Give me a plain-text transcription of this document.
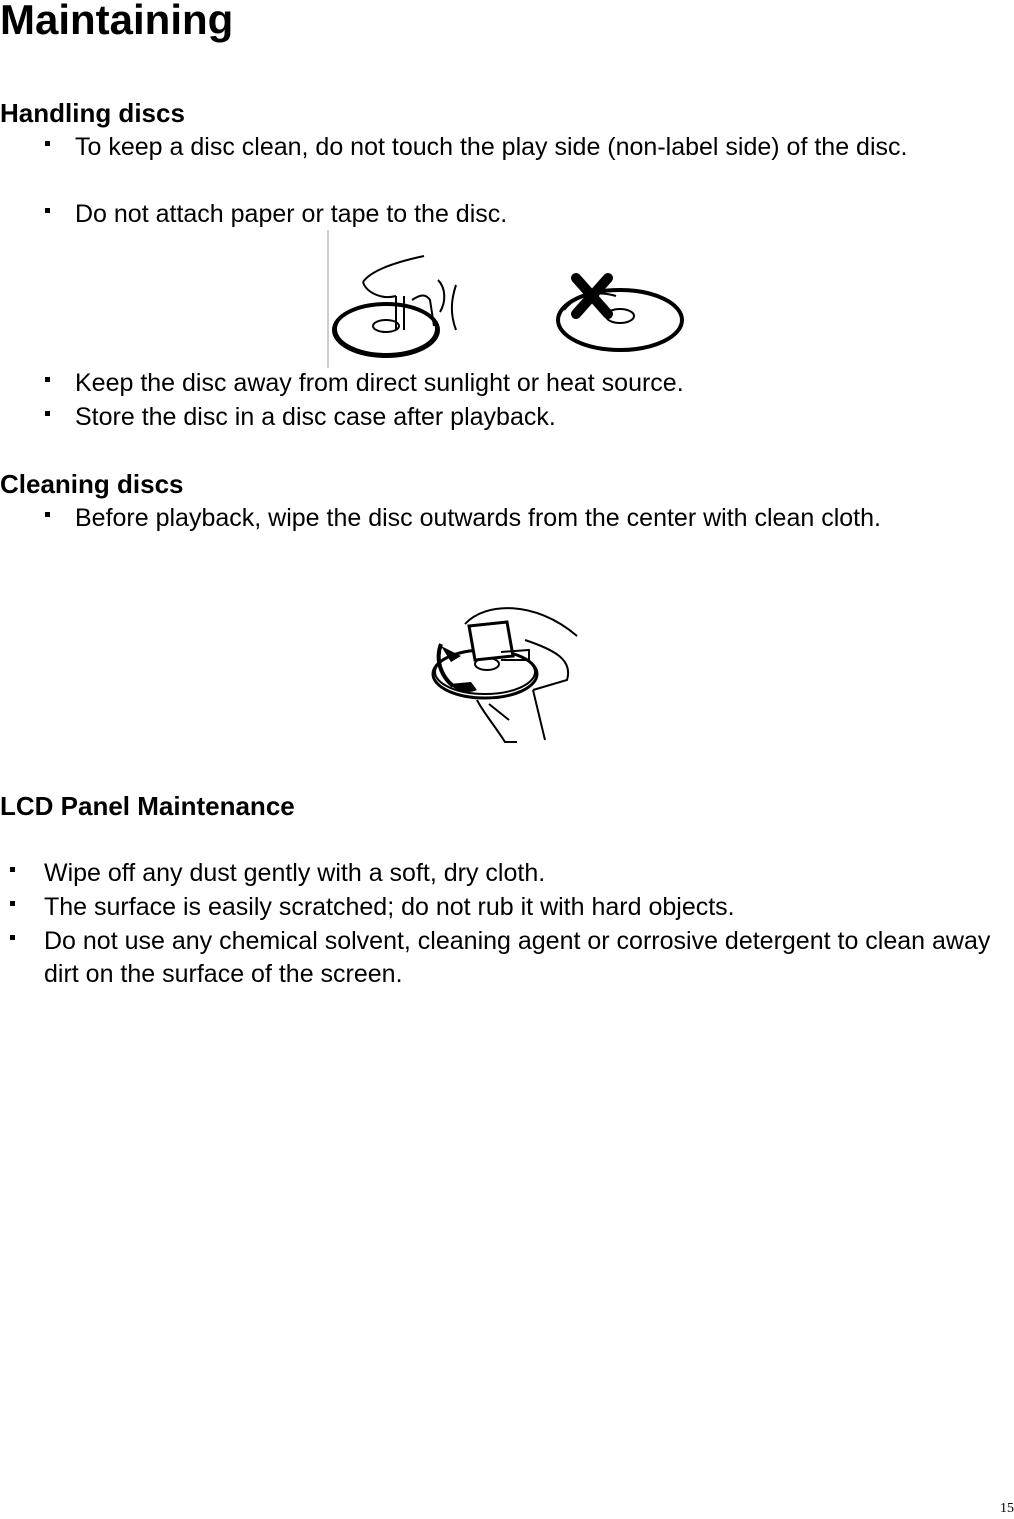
Maintaining
Handling discs
To keep a disc clean, do not touch the play side (non-label side) of the disc.
Do not attach paper or tape to the disc.
Keep the disc away from direct sunlight or heat source.
Store the disc in a disc case after playback.
Cleaning discs
Before playback, wipe the disc outwards from the center with clean cloth.
LCD Panel Maintenance
Wipe off any dust gently with a soft, dry cloth.
The surface is easily scratched; do not rub it with hard objects.
Do not use any chemical solvent, cleaning agent or corrosive detergent to clean away dirt on the surface of the screen.
15
